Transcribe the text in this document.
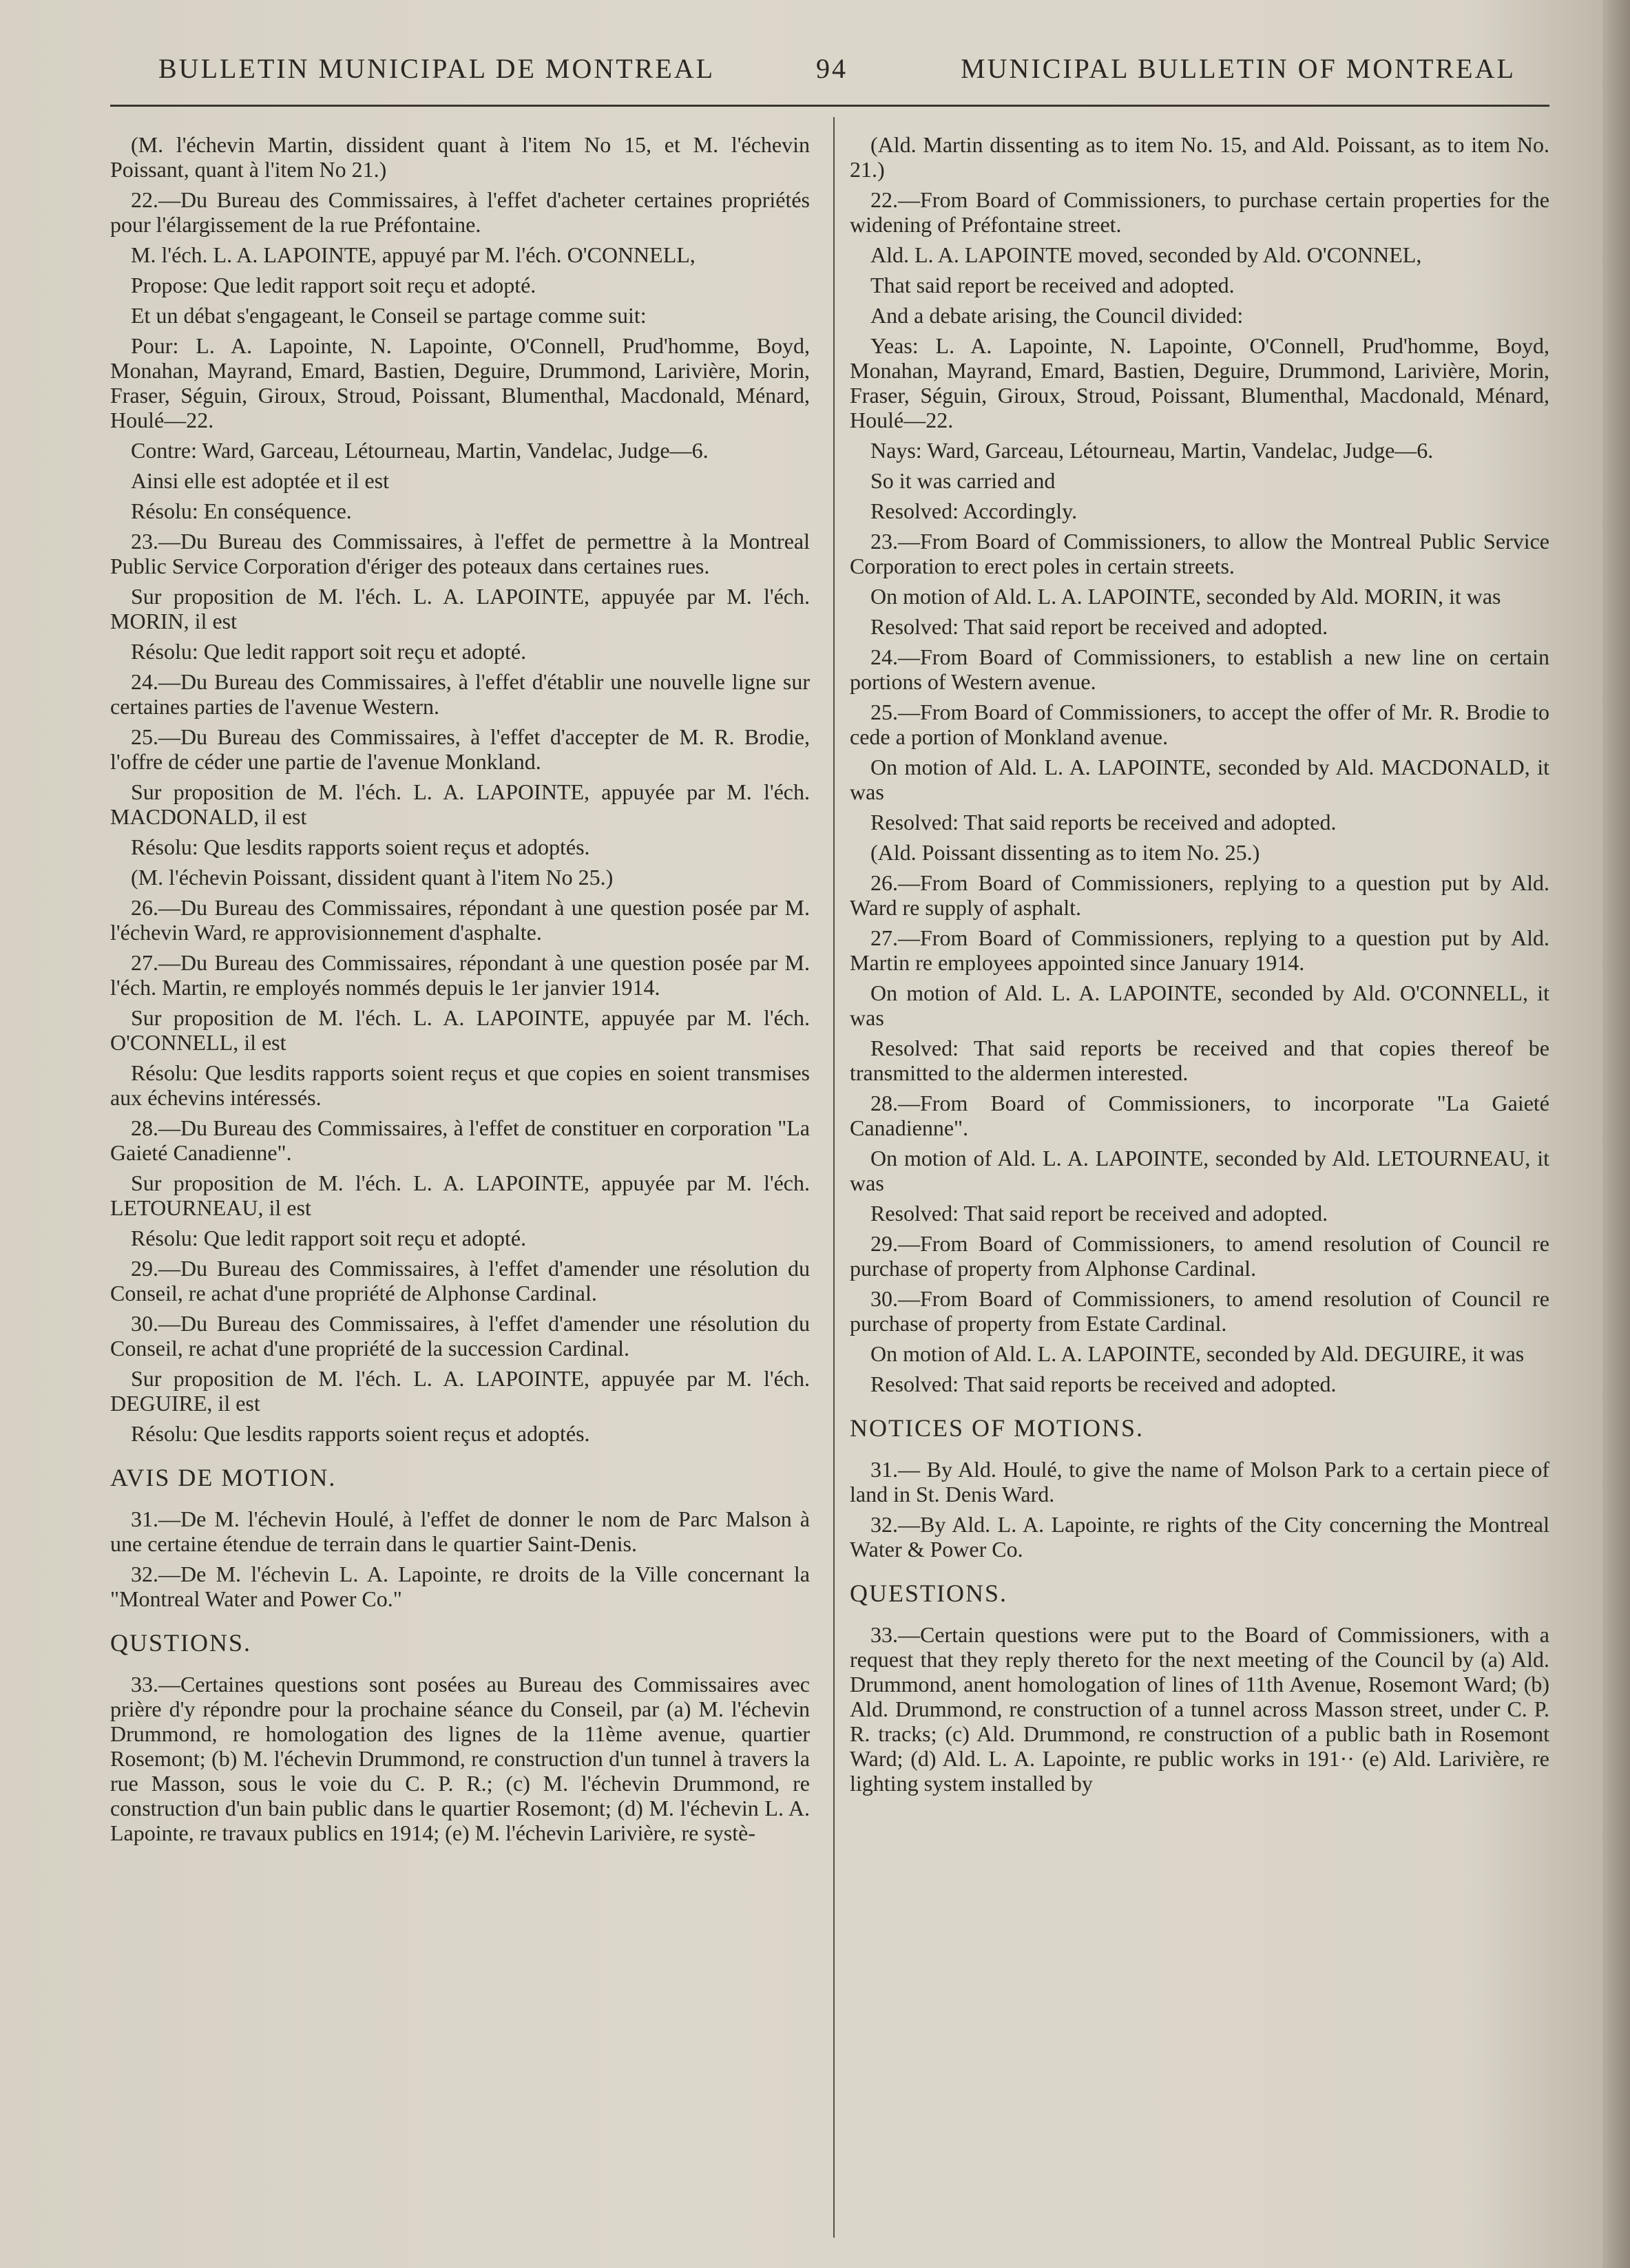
BULLETIN MUNICIPAL DE MONTREAL	94	MUNICIPAL BULLETIN OF MONTREAL

(M. l'échevin Martin, dissident quant à l'item No 15, et M. l'échevin Poissant, quant à l'item No 21.)

22.—Du Bureau des Commissaires, à l'effet d'acheter certaines propriétés pour l'élargissement de la rue Préfontaine.

M. l'éch. L. A. LAPOINTE, appuyé par M. l'éch. O'CONNELL,

Propose: Que ledit rapport soit reçu et adopté.

Et un débat s'engageant, le Conseil se partage comme suit:

Pour: L. A. Lapointe, N. Lapointe, O'Connell, Prud'homme, Boyd, Monahan, Mayrand, Emard, Bastien, Deguire, Drummond, Larivière, Morin, Fraser, Séguin, Giroux, Stroud, Poissant, Blumenthal, Macdonald, Ménard, Houlé—22.

Contre: Ward, Garceau, Létourneau, Martin, Vandelac, Judge—6.

Ainsi elle est adoptée et il est

Résolu: En conséquence.

23.—Du Bureau des Commissaires, à l'effet de permettre à la Montreal Public Service Corporation d'ériger des poteaux dans certaines rues.

Sur proposition de M. l'éch. L. A. LAPOINTE, appuyée par M. l'éch. MORIN, il est

Résolu: Que ledit rapport soit reçu et adopté.

24.—Du Bureau des Commissaires, à l'effet d'établir une nouvelle ligne sur certaines parties de l'avenue Western.

25.—Du Bureau des Commissaires, à l'effet d'accepter de M. R. Brodie, l'offre de céder une partie de l'avenue Monkland.

Sur proposition de M. l'éch. L. A. LAPOINTE, appuyée par M. l'éch. MACDONALD, il est

Résolu: Que lesdits rapports soient reçus et adoptés.

(M. l'échevin Poissant, dissident quant à l'item No 25.)

26.—Du Bureau des Commissaires, répondant à une question posée par M. l'échevin Ward, re approvisionnement d'asphalte.

27.—Du Bureau des Commissaires, répondant à une question posée par M. l'éch. Martin, re employés nommés depuis le 1er janvier 1914.

Sur proposition de M. l'éch. L. A. LAPOINTE, appuyée par M. l'éch. O'CONNELL, il est

Résolu: Que lesdits rapports soient reçus et que copies en soient transmises aux échevins intéressés.

28.—Du Bureau des Commissaires, à l'effet de constituer en corporation "La Gaieté Canadienne".

Sur proposition de M. l'éch. L. A. LAPOINTE, appuyée par M. l'éch. LETOURNEAU, il est

Résolu: Que ledit rapport soit reçu et adopté.

29.—Du Bureau des Commissaires, à l'effet d'amender une résolution du Conseil, re achat d'une propriété de Alphonse Cardinal.

30.—Du Bureau des Commissaires, à l'effet d'amender une résolution du Conseil, re achat d'une propriété de la succession Cardinal.

Sur proposition de M. l'éch. L. A. LAPOINTE, appuyée par M. l'éch. DEGUIRE, il est

Résolu: Que lesdits rapports soient reçus et adoptés.

AVIS DE MOTION.

31.—De M. l'échevin Houlé, à l'effet de donner le nom de Parc Malson à une certaine étendue de terrain dans le quartier Saint-Denis.

32.—De M. l'échevin L. A. Lapointe, re droits de la Ville concernant la "Montreal Water and Power Co."

QUSTIONS.

33.—Certaines questions sont posées au Bureau des Commissaires avec prière d'y répondre pour la prochaine séance du Conseil, par (a) M. l'échevin Drummond, re homologation des lignes de la 11ème avenue, quartier Rosemont; (b) M. l'échevin Drummond, re construction d'un tunnel à travers la rue Masson, sous le voie du C. P. R.; (c) M. l'échevin Drummond, re construction d'un bain public dans le quartier Rosemont; (d) M. l'échevin L. A. Lapointe, re travaux publics en 1914; (e) M. l'échevin Larivière, re systè-

(Ald. Martin dissenting as to item No. 15, and Ald. Poissant, as to item No. 21.)

22.—From Board of Commissioners, to purchase certain properties for the widening of Préfontaine street.

Ald. L. A. LAPOINTE moved, seconded by Ald. O'CONNEL,

That said report be received and adopted.

And a debate arising, the Council divided:

Yeas: L. A. Lapointe, N. Lapointe, O'Connell, Prud'homme, Boyd, Monahan, Mayrand, Emard, Bastien, Deguire, Drummond, Larivière, Morin, Fraser, Séguin, Giroux, Stroud, Poissant, Blumenthal, Macdonald, Ménard, Houlé—22.

Nays: Ward, Garceau, Létourneau, Martin, Vandelac, Judge—6.

So it was carried and

Resolved: Accordingly.

23.—From Board of Commissioners, to allow the Montreal Public Service Corporation to erect poles in certain streets.

On motion of Ald. L. A. LAPOINTE, seconded by Ald. MORIN, it was

Resolved: That said report be received and adopted.

24.—From Board of Commissioners, to establish a new line on certain portions of Western avenue.

25.—From Board of Commissioners, to accept the offer of Mr. R. Brodie to cede a portion of Monkland avenue.

On motion of Ald. L. A. LAPOINTE, seconded by Ald. MACDONALD, it was

Resolved: That said reports be received and adopted.

(Ald. Poissant dissenting as to item No. 25.)

26.—From Board of Commissioners, replying to a question put by Ald. Ward re supply of asphalt.

27.—From Board of Commissioners, replying to a question put by Ald. Martin re employees appointed since January 1914.

On motion of Ald. L. A. LAPOINTE, seconded by Ald. O'CONNELL, it was

Resolved: That said reports be received and that copies thereof be transmitted to the aldermen interested.

28.—From Board of Commissioners, to incorporate "La Gaieté Canadienne".

On motion of Ald. L. A. LAPOINTE, seconded by Ald. LETOURNEAU, it was

Resolved: That said report be received and adopted.

29.—From Board of Commissioners, to amend resolution of Council re purchase of property from Alphonse Cardinal.

30.—From Board of Commissioners, to amend resolution of Council re purchase of property from Estate Cardinal.

On motion of Ald. L. A. LAPOINTE, seconded by Ald. DEGUIRE, it was

Resolved: That said reports be received and adopted.

NOTICES OF MOTIONS.

31.— By Ald. Houlé, to give the name of Molson Park to a certain piece of land in St. Denis Ward.

32.—By Ald. L. A. Lapointe, re rights of the City concerning the Montreal Water & Power Co.

QUESTIONS.

33.—Certain questions were put to the Board of Commissioners, with a request that they reply thereto for the next meeting of the Council by (a) Ald. Drummond, anent homologation of lines of 11th Avenue, Rosemont Ward; (b) Ald. Drummond, re construction of a tunnel across Masson street, under C. P. R. tracks; (c) Ald. Drummond, re construction of a public bath in Rosemont Ward; (d) Ald. L. A. Lapointe, re public works in 191·· (e) Ald. Larivière, re lighting system installed by
